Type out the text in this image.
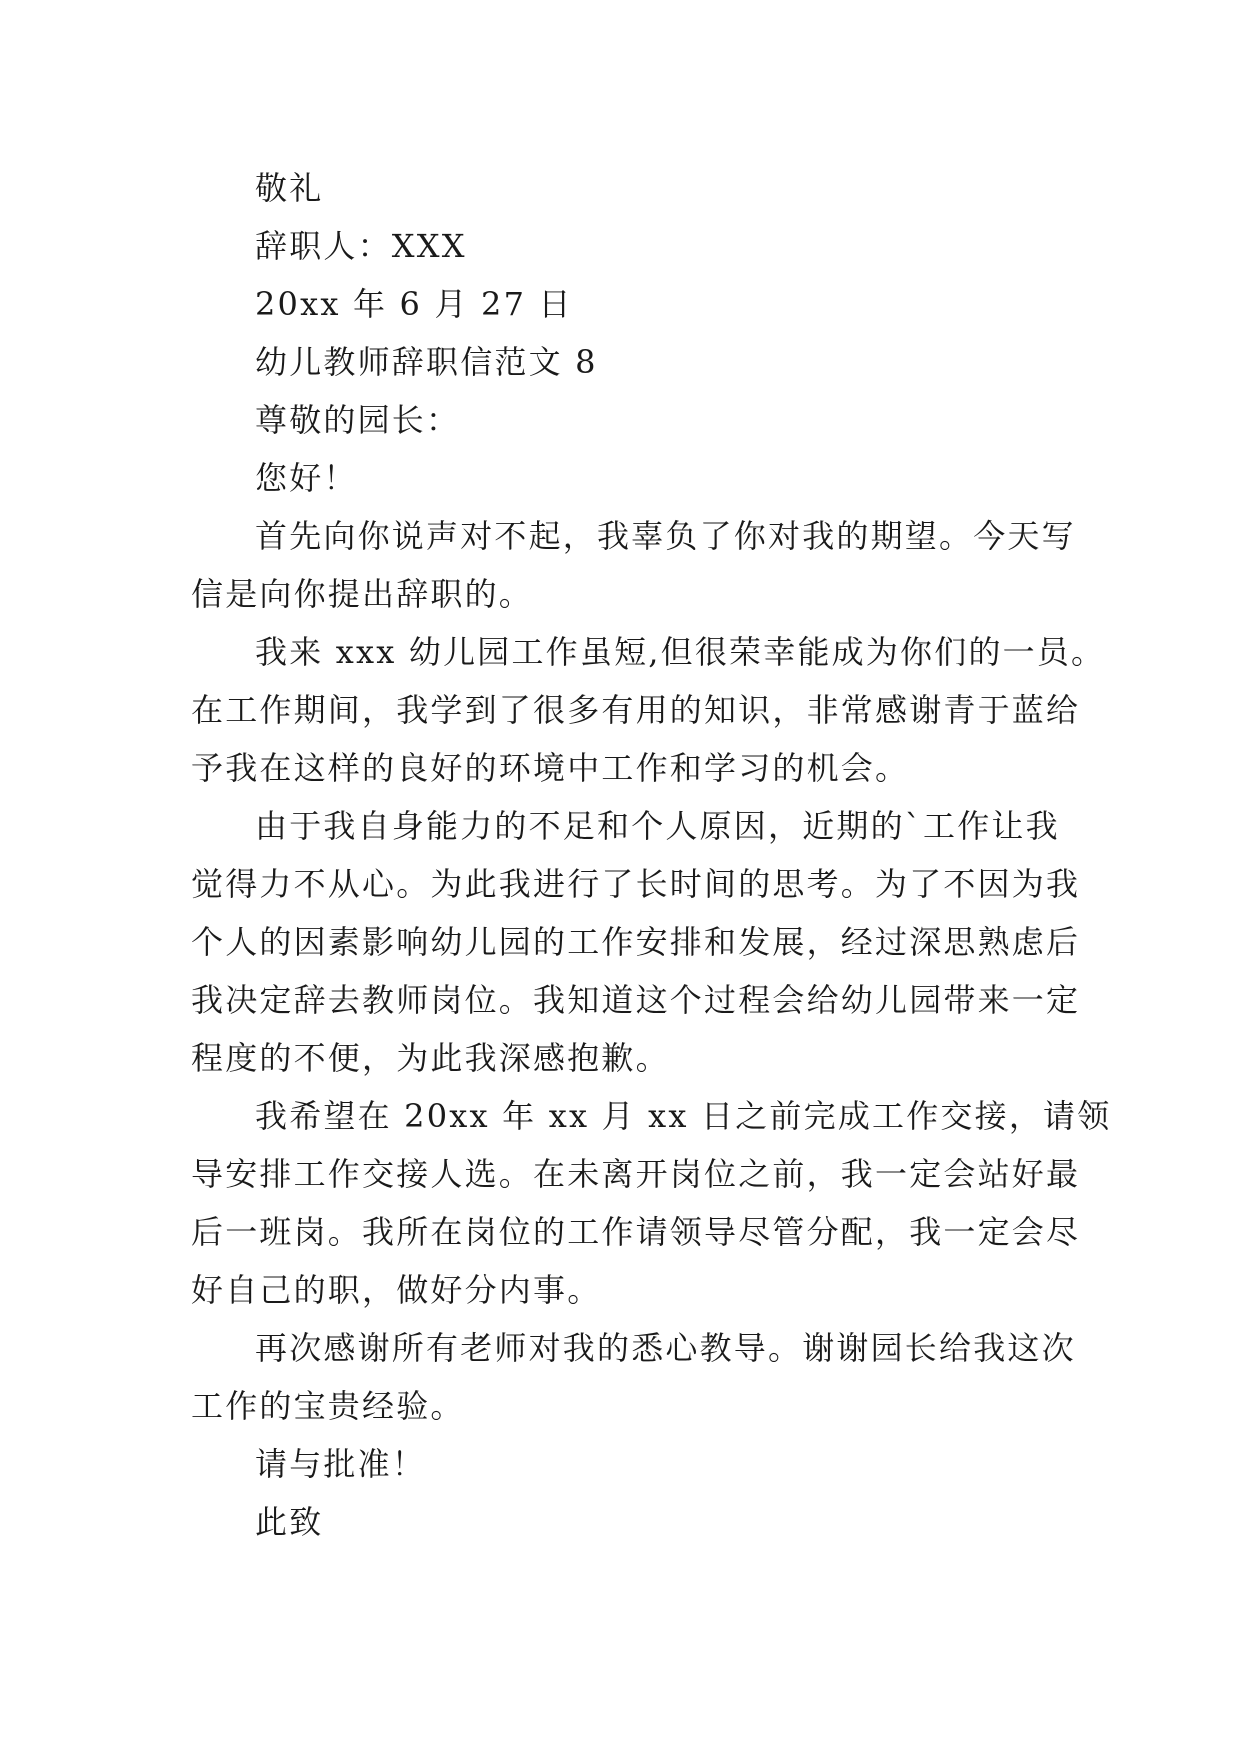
敬礼

辞职人：XXX

20xx 年 6 月 27 日

幼儿教师辞职信范文 8

尊敬的园长：

您好！

首先向你说声对不起，我辜负了你对我的期望。今天写
信是向你提出辞职的。
我来 xxx 幼儿园工作虽短,但很荣幸能成为你们的一员。
在工作期间，我学到了很多有用的知识，非常感谢青于蓝给
予我在这样的良好的环境中工作和学习的机会。
由于我自身能力的不足和个人原因，近期的`工作让我
觉得力不从心。为此我进行了长时间的思考。为了不因为我
个人的因素影响幼儿园的工作安排和发展，经过深思熟虑后
我决定辞去教师岗位。我知道这个过程会给幼儿园带来一定
程度的不便，为此我深感抱歉。
我希望在 20xx 年 xx 月 xx 日之前完成工作交接，请领
导安排工作交接人选。在未离开岗位之前，我一定会站好最
后一班岗。我所在岗位的工作请领导尽管分配，我一定会尽
好自己的职，做好分内事。
再次感谢所有老师对我的悉心教导。谢谢园长给我这次
工作的宝贵经验。

请与批准！

此致
